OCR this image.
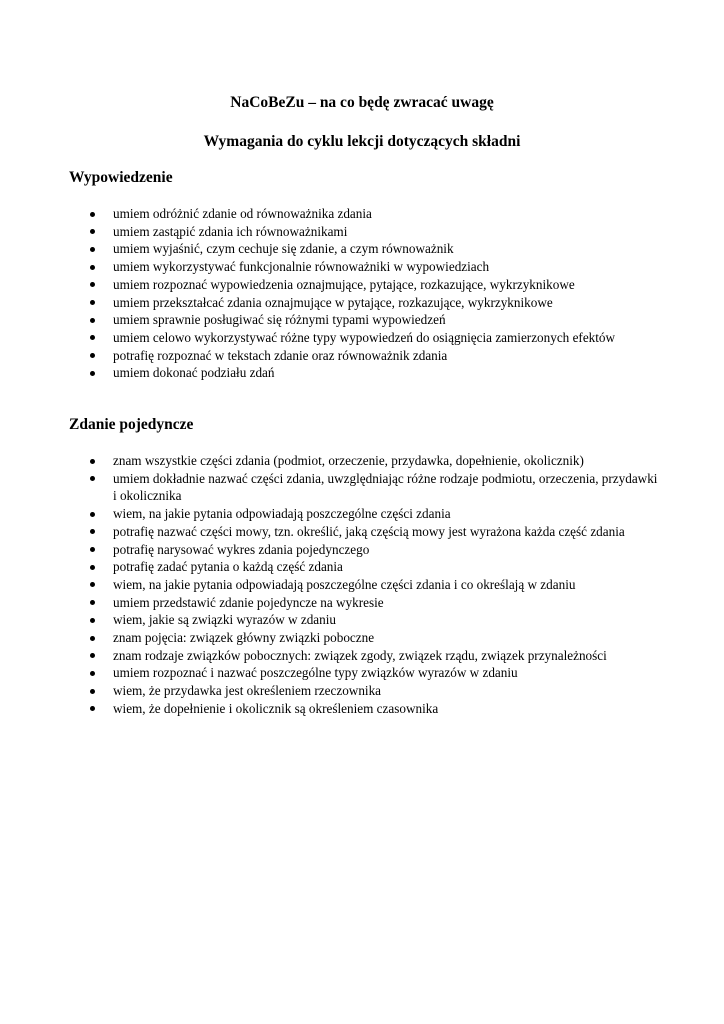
NaCoBeZu – na co będę zwracać uwagę
Wymagania do cyklu lekcji dotyczących składni
Wypowiedzenie
umiem odróżnić zdanie od równoważnika zdania
umiem zastąpić zdania ich równoważnikami
umiem wyjaśnić, czym cechuje się zdanie, a czym równoważnik
umiem wykorzystywać funkcjonalnie równoważniki w wypowiedziach
umiem rozpoznać wypowiedzenia oznajmujące, pytające, rozkazujące, wykrzyknikowe
umiem przekształcać zdania oznajmujące w pytające, rozkazujące, wykrzyknikowe
umiem sprawnie posługiwać się różnymi typami wypowiedzeń
umiem celowo wykorzystywać różne typy wypowiedzeń do osiągnięcia zamierzonych efektów
potrafię rozpoznać w tekstach zdanie oraz równoważnik zdania
umiem dokonać podziału zdań
Zdanie pojedyncze
znam wszystkie części zdania (podmiot, orzeczenie, przydawka, dopełnienie, okolicznik)
umiem dokładnie nazwać części zdania, uwzględniając różne rodzaje podmiotu, orzeczenia, przydawki i okolicznika
wiem, na jakie pytania odpowiadają poszczególne części zdania
potrafię nazwać części mowy, tzn. określić, jaką częścią mowy jest wyrażona każda część zdania
potrafię narysować wykres zdania pojedynczego
potrafię zadać pytania o każdą część zdania
wiem, na jakie pytania odpowiadają poszczególne części zdania i co określają w zdaniu
umiem przedstawić zdanie pojedyncze na wykresie
wiem, jakie są związki wyrazów w zdaniu
znam pojęcia: związek główny związki poboczne
znam rodzaje związków pobocznych: związek zgody, związek rządu, związek przynależności
umiem rozpoznać i nazwać poszczególne typy związków wyrazów w zdaniu
wiem, że przydawka jest określeniem rzeczownika
wiem, że dopełnienie i okolicznik są określeniem czasownika
